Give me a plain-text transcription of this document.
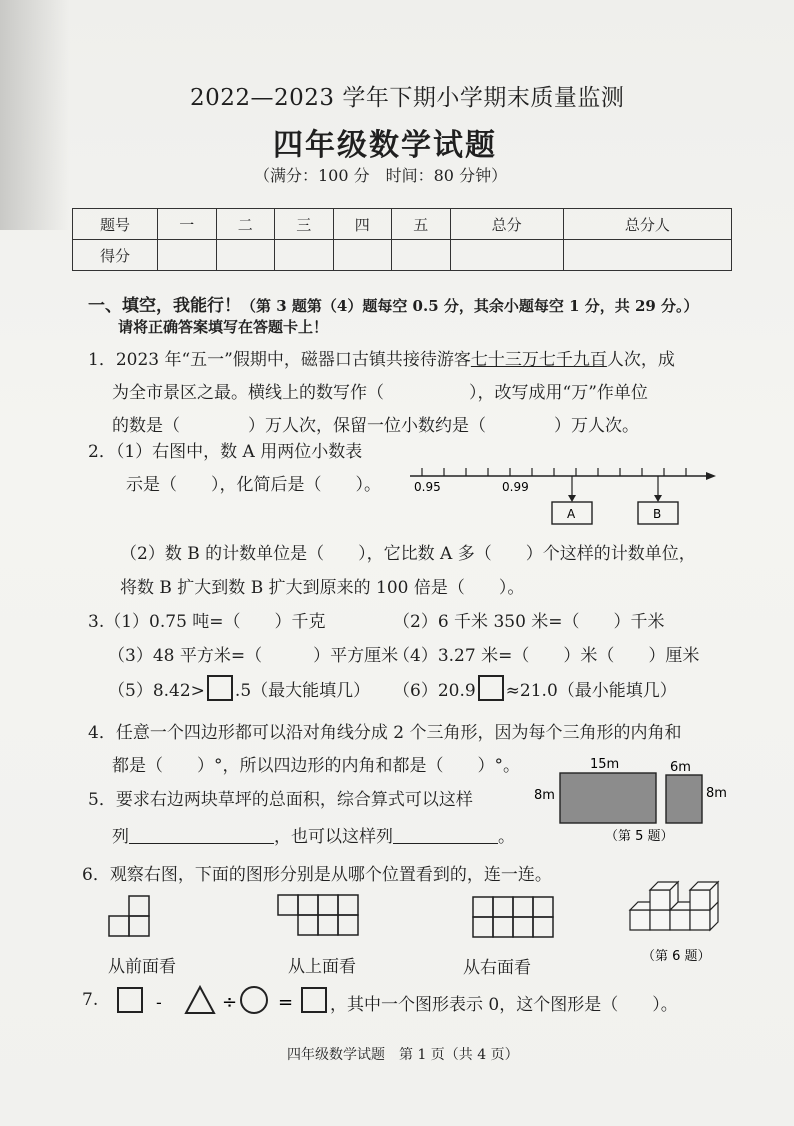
2022—2023 学年下期小学期末质量监测
四年级数学试题
（满分：100 分　时间：80 分钟）
题号	一	二	三	四	五	总分	总分人
得分							
一、填空，我能行！（第 3 题第（4）题每空 0.5 分，其余小题每空 1 分，共 29 分。）
请将正确答案填写在答题卡上！
1．2023 年“五一”假期中，磁器口古镇共接待游客七十三万七千九百人次，成
为全市景区之最。横线上的数写作（　　　　　），改写成用“万”作单位
的数是（　　　　）万人次，保留一位小数约是（　　　　）万人次。
2．（1）右图中，数 A 用两位小数表
示是（　　），化简后是（　　）。	0.95	0.99
A	B
（2）数 B 的计数单位是（　　），它比数 A 多（　　）个这样的计数单位，
将数 B 扩大到数 B 扩大到原来的 100 倍是（　　）。
3.（1）0.75 吨=（　　）千克	（2）6 千米 350 米=（　　）千米
（3）48 平方米=（　　　）平方厘米
（4）3.27 米=（　　）米（　　）厘米
（5）8.42> .5（最大能填几） （6）20.9 ≈21.0（最小能填几）
4．任意一个四边形都可以沿对角线分成 2 个三角形，因为每个三角形的内角和
都是（　　）°，所以四边形的内角和都是（　　）°。
5．要求右边两块草坪的总面积，综合算式可以这样
列	，也可以这样列	。
15m	6m
8m	8m
（第 5 题）
6．观察右图，下面的图形分别是从哪个位置看到的，连一连。
从前面看	从上面看	从右面看
（第 6 题）
7.	-	÷ = ，其中一个图形表示 0，这个图形是（　　）。
四年级数学试题　第 1 页（共 4 页）
